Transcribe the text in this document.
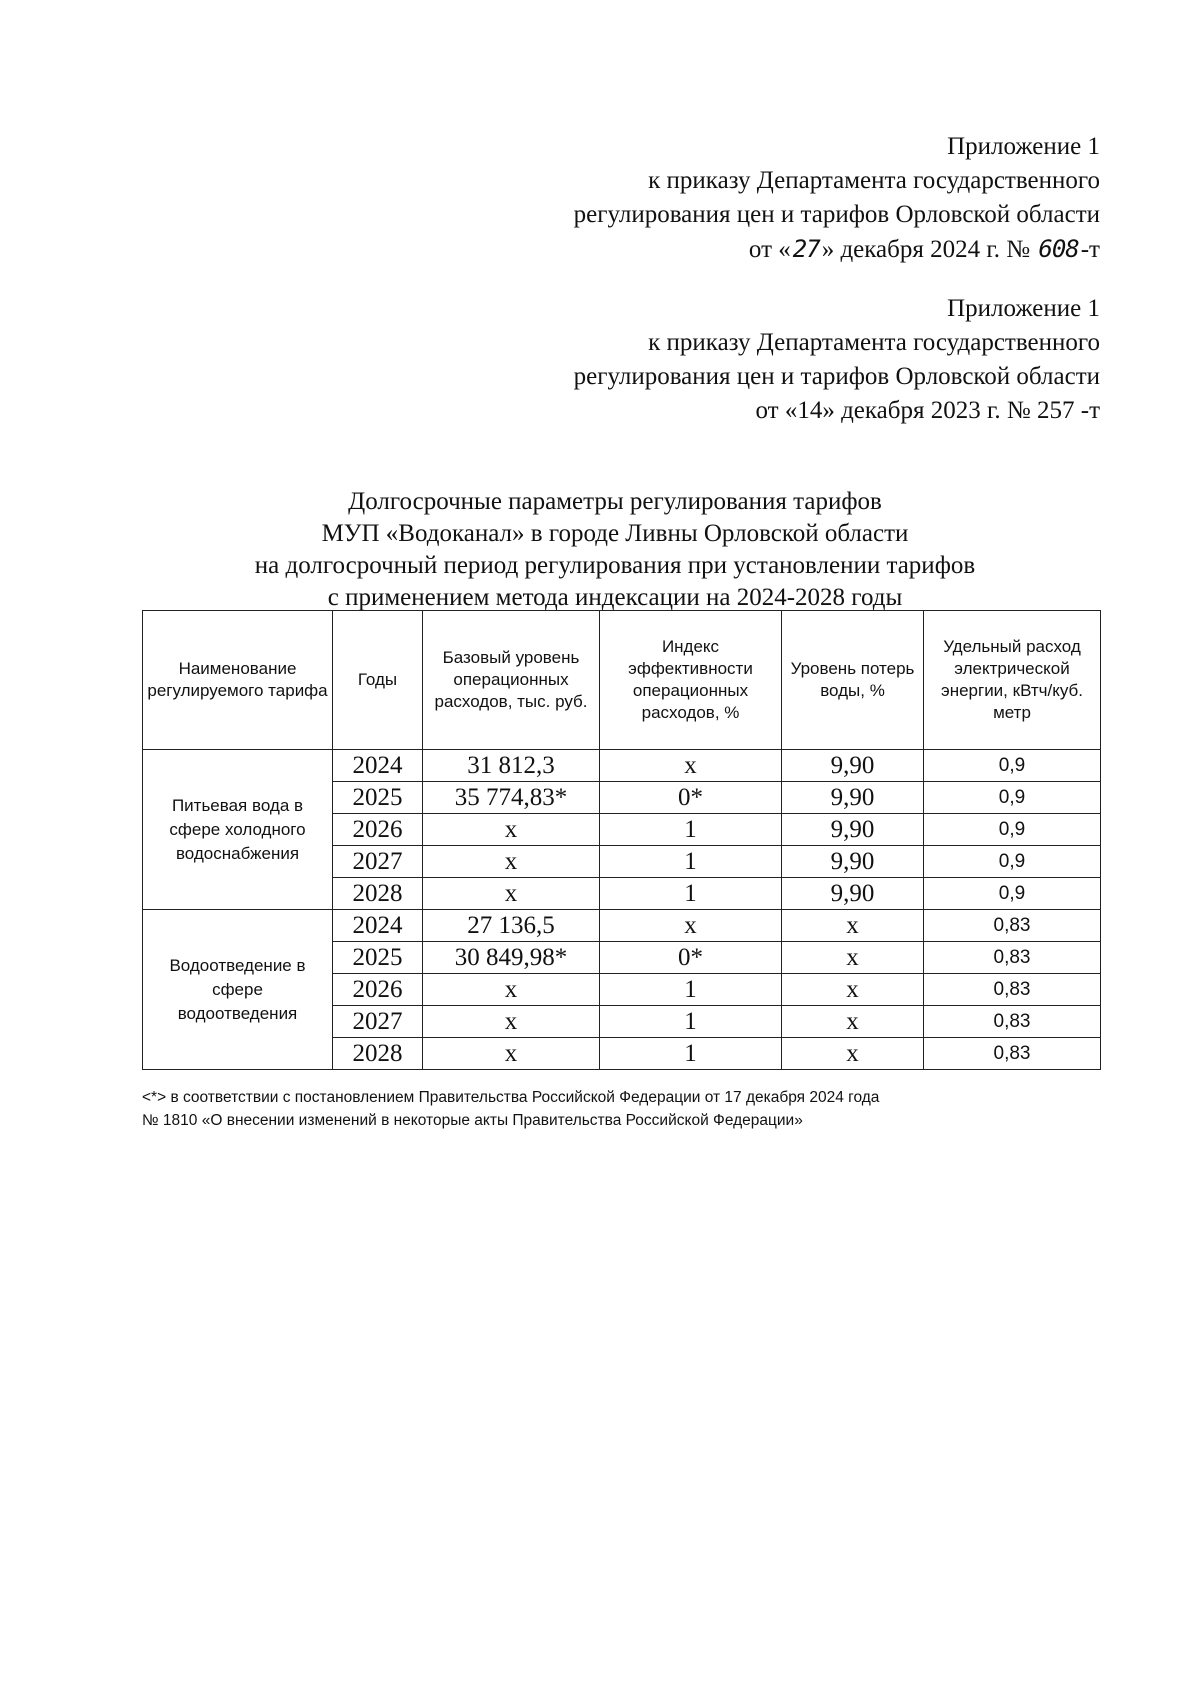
Приложение 1
к приказу Департамента государственного
регулирования цен и тарифов Орловской области
от «27» декабря 2024 г. № 608-т
Приложение 1
к приказу Департамента государственного
регулирования цен и тарифов Орловской области
от «14» декабря 2023 г. № 257 -т
Долгосрочные параметры регулирования тарифов
МУП «Водоканал» в городе Ливны Орловской области
на долгосрочный период регулирования при установлении тарифов
с применением метода индексации на 2024-2028 годы
Наименование регулируемого тарифа	Годы	Базовый уровень операционных расходов, тыс. руб.	Индекс эффективности операционных расходов, %	Уровень потерь воды, %	Удельный расход электрической энергии, кВтч/куб. метр
Питьевая вода в сфере холодного водоснабжения	2024	31 812,3	х	9,90	0,9
	2025	35 774,83*	0*	9,90	0,9
	2026	х	1	9,90	0,9
	2027	х	1	9,90	0,9
	2028	х	1	9,90	0,9
Водоотведение в сфере водоотведения	2024	27 136,5	х	х	0,83
	2025	30 849,98*	0*	х	0,83
	2026	х	1	х	0,83
	2027	х	1	х	0,83
	2028	х	1	х	0,83
<*> в соответствии с постановлением Правительства Российской Федерации от 17 декабря 2024 года
№ 1810 «О внесении изменений в некоторые акты Правительства Российской Федерации»
